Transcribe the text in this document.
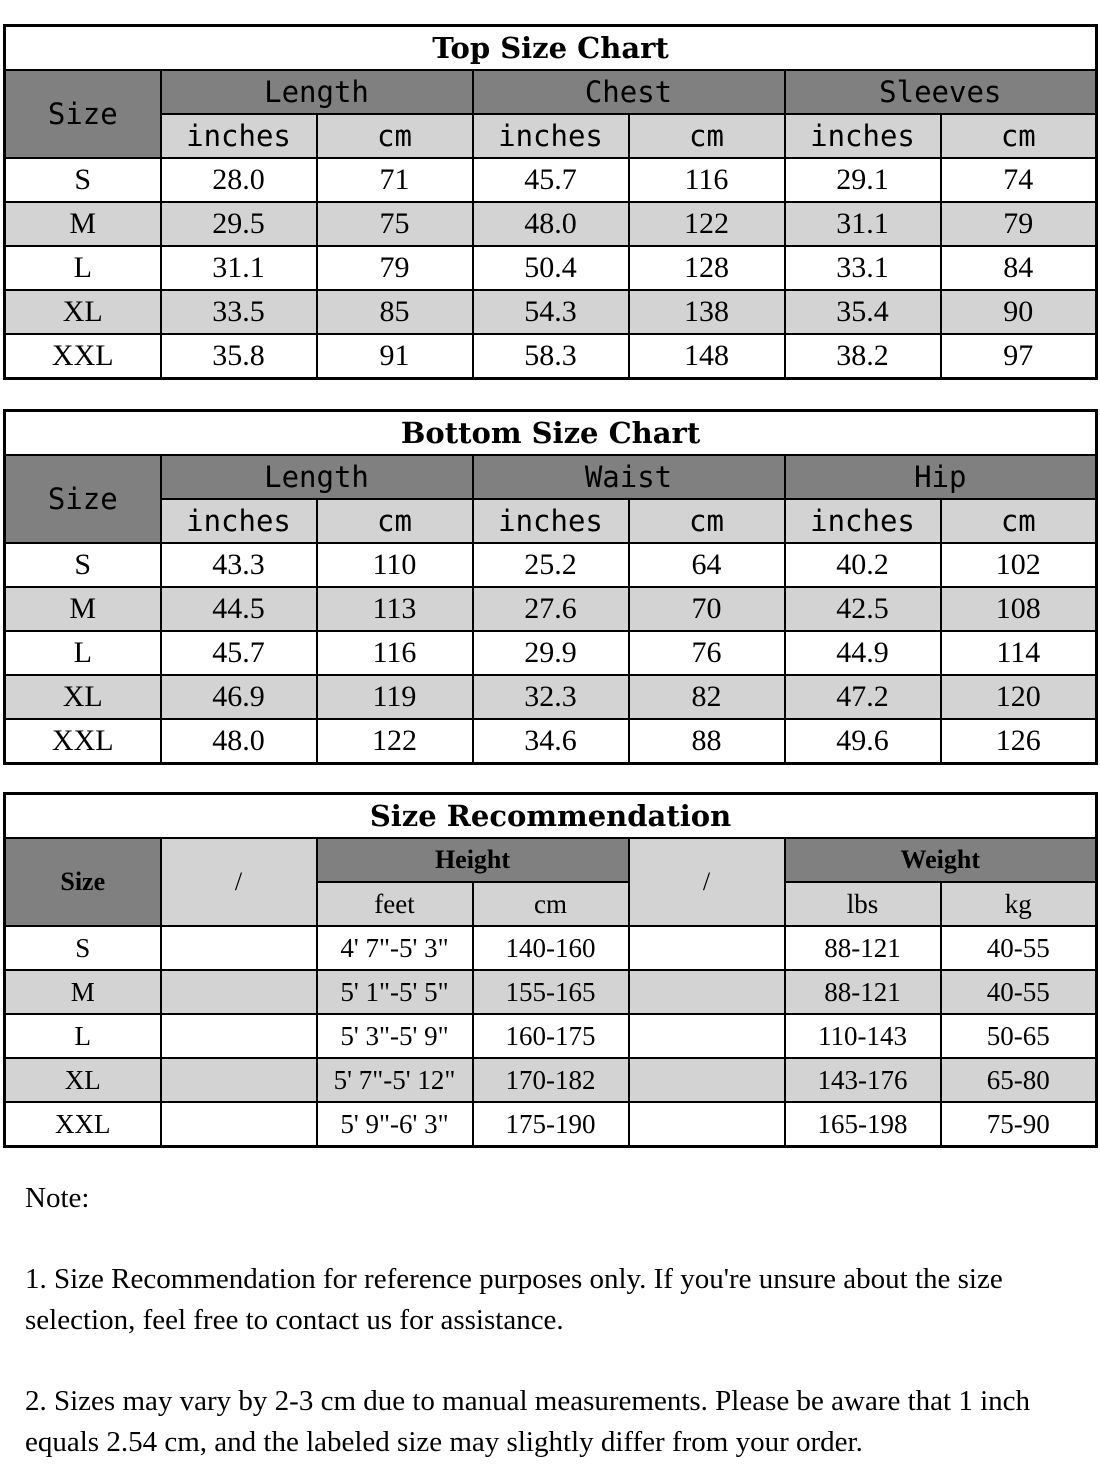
Top Size Chart						
Size	Length		Chest		Sleeves	
	inches	cm	inches	cm	inches	cm
S	28.0	71	45.7	116	29.1	74
M	29.5	75	48.0	122	31.1	79
L	31.1	79	50.4	128	33.1	84
XL	33.5	85	54.3	138	35.4	90
XXL	35.8	91	58.3	148	38.2	97
Bottom Size Chart						
Size	Length		Waist		Hip	
	inches	cm	inches	cm	inches	cm
S	43.3	110	25.2	64	40.2	102
M	44.5	113	27.6	70	42.5	108
L	45.7	116	29.9	76	44.9	114
XL	46.9	119	32.3	82	47.2	120
XXL	48.0	122	34.6	88	49.6	126
Size Recommendation						
Size	/	Height		/	Weight	
		feet	cm		lbs	kg
S		4' 7"-5' 3"	140-160		88-121	40-55
M		5' 1"-5' 5"	155-165		88-121	40-55
L		5' 3"-5' 9"	160-175		110-143	50-65
XL		5' 7"-5' 12"	170-182		143-176	65-80
XXL		5' 9"-6' 3"	175-190		165-198	75-90

Note:

1. Size Recommendation for reference purposes only. If you're unsure about the size selection, feel free to contact us for assistance.

2. Sizes may vary by 2-3 cm due to manual measurements. Please be aware that 1 inch equals 2.54 cm, and the labeled size may slightly differ from your order.
